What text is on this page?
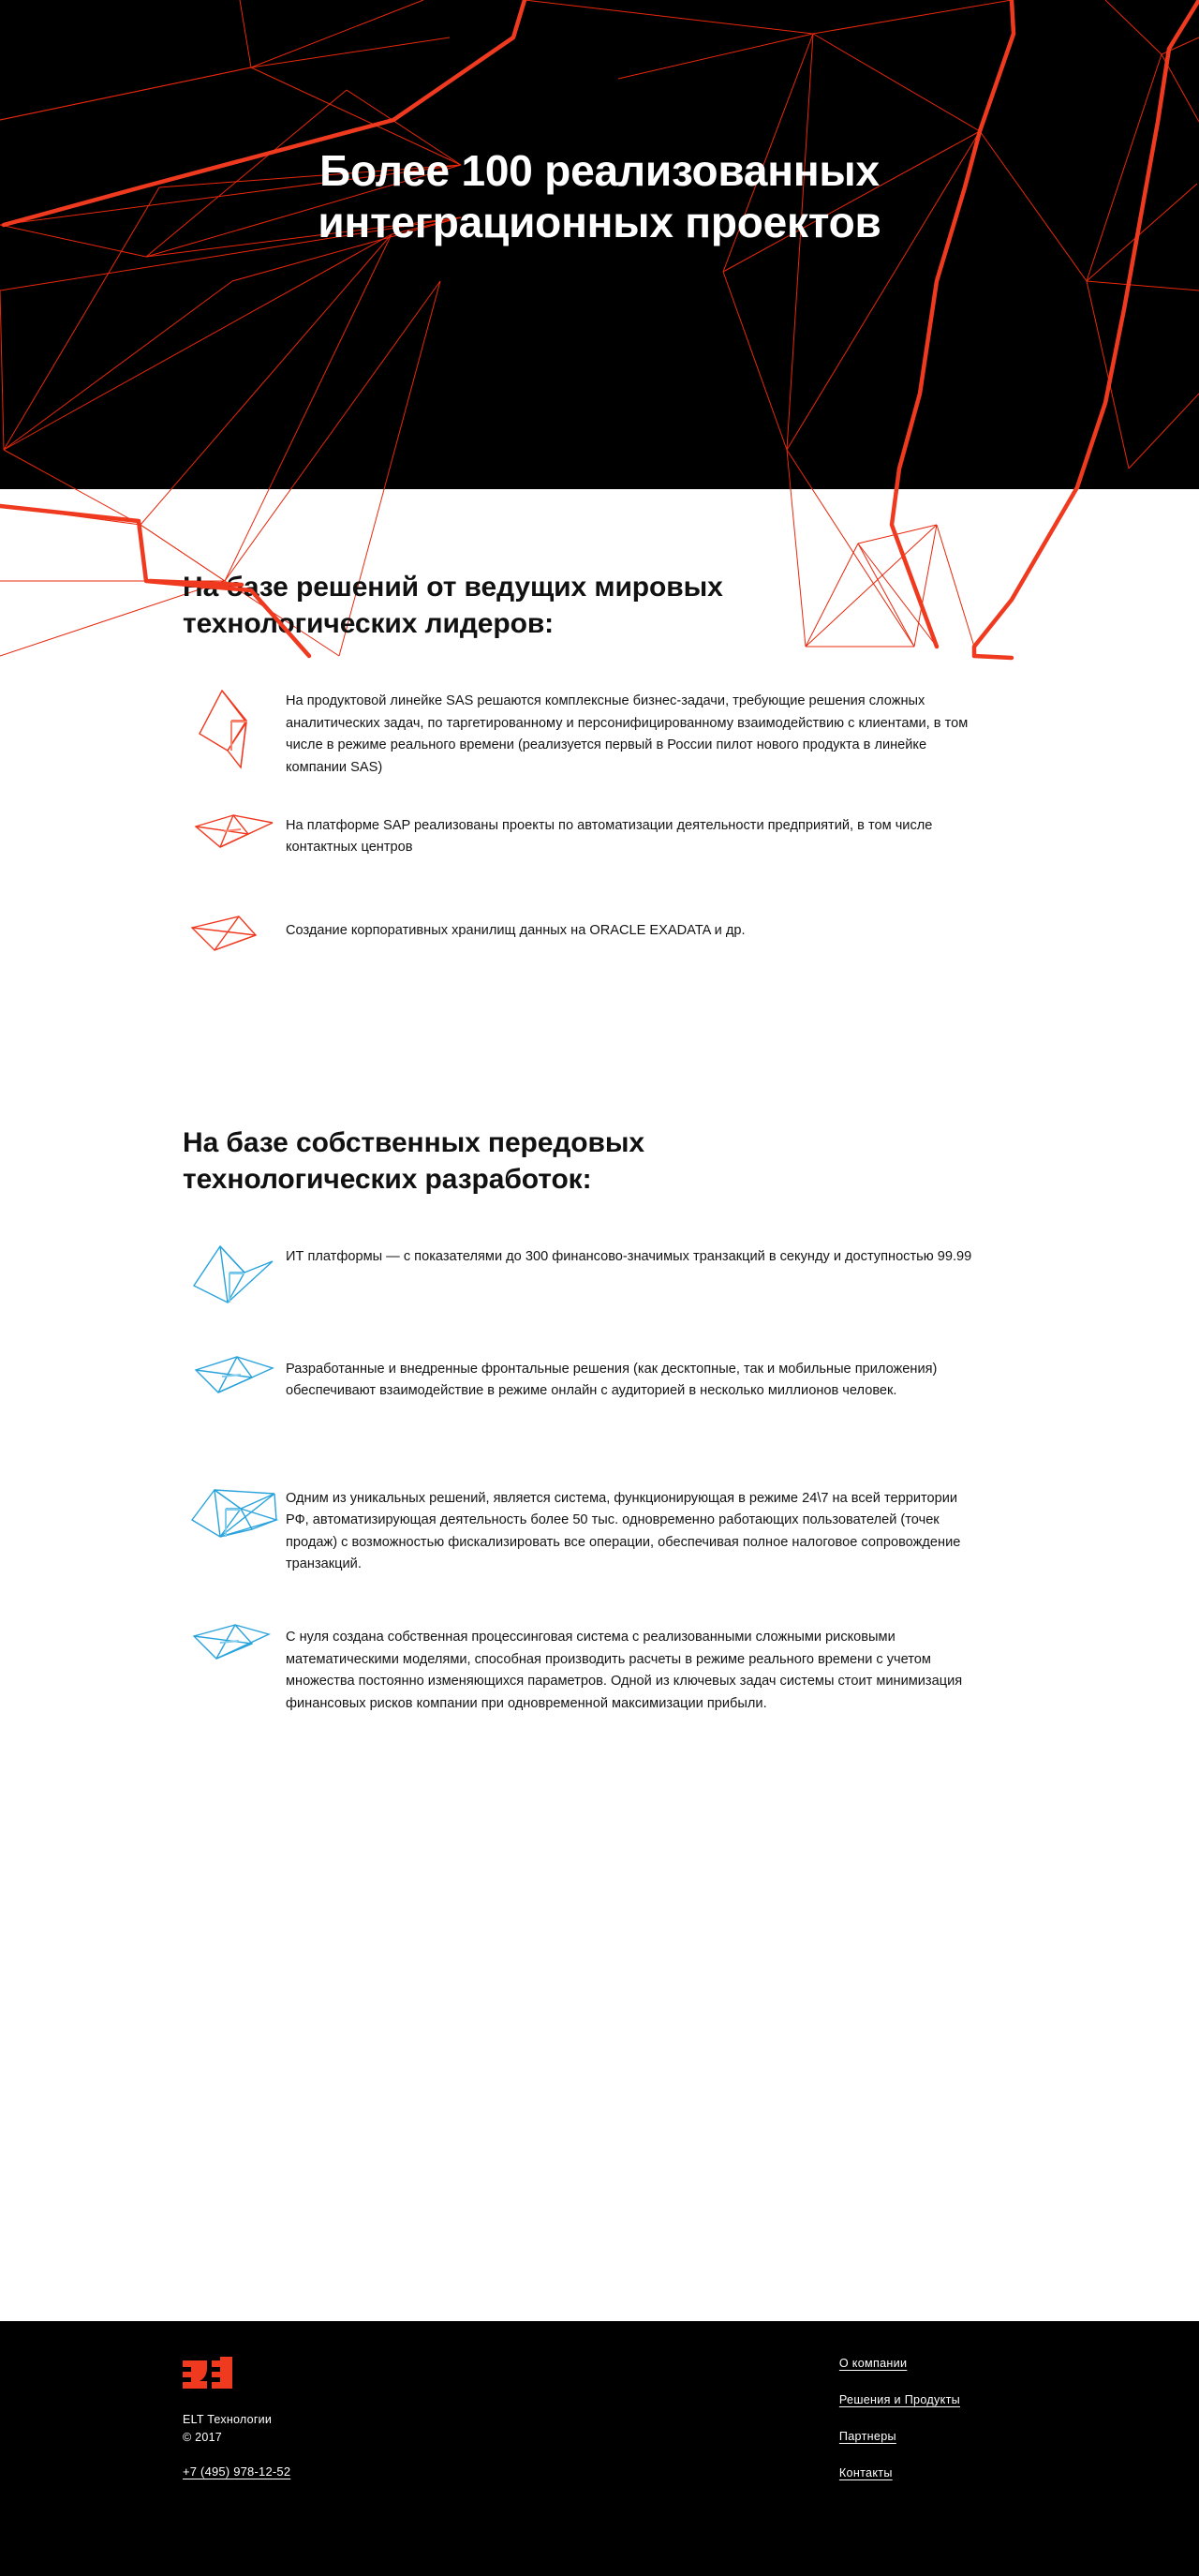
Более 100 реализованных
интеграционных проектов
На базе решений от ведущих мировых
технологических лидеров:
На продуктовой линейке SAS решаются комплексные бизнес-задачи, требующие решения сложных аналитических задач, по таргетированному и персонифицированному взаимодействию с клиентами, в том числе в режиме реального времени (реализуется первый в России пилот нового продукта в линейке компании SAS)
На платформе SAP реализованы проекты по автоматизации деятельности предприятий, в том числе контактных центров
Создание корпоративных хранилищ данных на ORACLE EXADATA и др.
На базе собственных передовых
технологических разработок:
ИТ платформы — с показателями до 300 финансово-значимых транзакций в секунду и доступностью 99.99
Разработанные и внедренные фронтальные решения (как десктопные, так и мобильные приложения) обеспечивают взаимодействие в режиме онлайн с аудиторией в несколько миллионов человек.
Одним из уникальных решений, является система, функционирующая в режиме 24\7 на всей территории РФ, автоматизирующая деятельность более 50 тыс. одновременно работающих пользователей (точек продаж) с возможностью фискализировать все операции, обеспечивая полное налоговое сопровождение транзакций.
С нуля создана собственная процессинговая система с реализованными сложными рисковыми математическими моделями, способная производить расчеты в режиме реального времени с учетом множества постоянно изменяющихся параметров. Одной из ключевых задач системы стоит минимизация финансовых рисков компании при одновременной максимизации прибыли.
ELT Технологии
© 2017
+7 (495) 978-12-52
О компании
Решения и Продукты
Партнеры
Контакты
